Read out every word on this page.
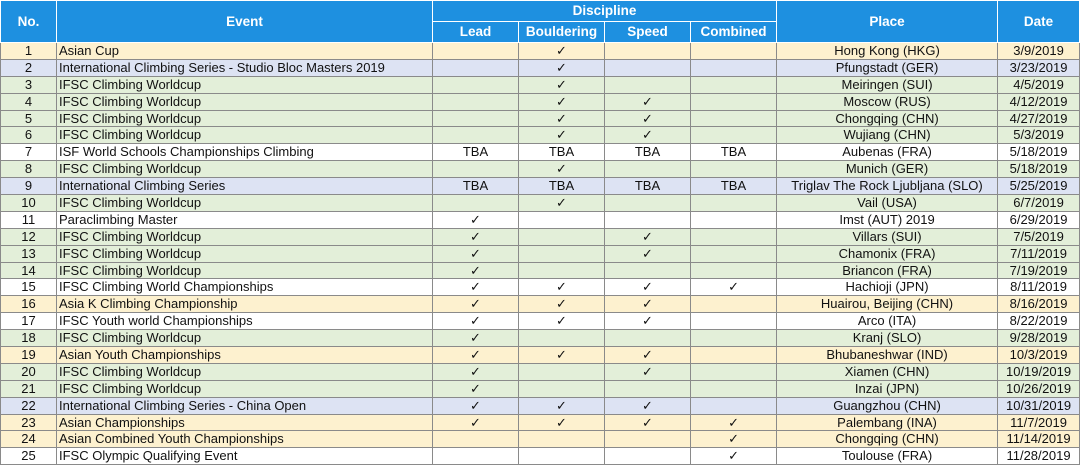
No.	Event	Discipline				Place	Date
		Lead	Bouldering	Speed	Combined		
1	Asian Cup		✓			Hong Kong (HKG)	3/9/2019
2	International Climbing Series - Studio Bloc Masters 2019		✓			Pfungstadt (GER)	3/23/2019
3	IFSC Climbing Worldcup		✓			Meiringen (SUI)	4/5/2019
4	IFSC Climbing Worldcup		✓	✓		Moscow (RUS)	4/12/2019
5	IFSC Climbing Worldcup		✓	✓		Chongqing (CHN)	4/27/2019
6	IFSC Climbing Worldcup		✓	✓		Wujiang (CHN)	5/3/2019
7	ISF World Schools Championships Climbing	TBA	TBA	TBA	TBA	Aubenas (FRA)	5/18/2019
8	IFSC Climbing Worldcup		✓			Munich (GER)	5/18/2019
9	International Climbing Series	TBA	TBA	TBA	TBA	Triglav The Rock Ljubljana (SLO)	5/25/2019
10	IFSC Climbing Worldcup		✓			Vail (USA)	6/7/2019
11	Paraclimbing Master	✓				Imst (AUT) 2019	6/29/2019
12	IFSC Climbing Worldcup	✓		✓		Villars (SUI)	7/5/2019
13	IFSC Climbing Worldcup	✓		✓		Chamonix (FRA)	7/11/2019
14	IFSC Climbing Worldcup	✓				Briancon (FRA)	7/19/2019
15	IFSC Climbing World Championships	✓	✓	✓	✓	Hachioji (JPN)	8/11/2019
16	Asia K Climbing Championship	✓	✓	✓		Huairou, Beijing (CHN)	8/16/2019
17	IFSC Youth world Championships	✓	✓	✓		Arco (ITA)	8/22/2019
18	IFSC Climbing Worldcup	✓				Kranj (SLO)	9/28/2019
19	Asian Youth Championships	✓	✓	✓		Bhubaneshwar (IND)	10/3/2019
20	IFSC Climbing Worldcup	✓		✓		Xiamen (CHN)	10/19/2019
21	IFSC Climbing Worldcup	✓				Inzai (JPN)	10/26/2019
22	International Climbing Series - China Open	✓	✓	✓		Guangzhou (CHN)	10/31/2019
23	Asian Championships	✓	✓	✓	✓	Palembang (INA)	11/7/2019
24	Asian Combined Youth Championships				✓	Chongqing (CHN)	11/14/2019
25	IFSC Olympic Qualifying Event				✓	Toulouse (FRA)	11/28/2019
